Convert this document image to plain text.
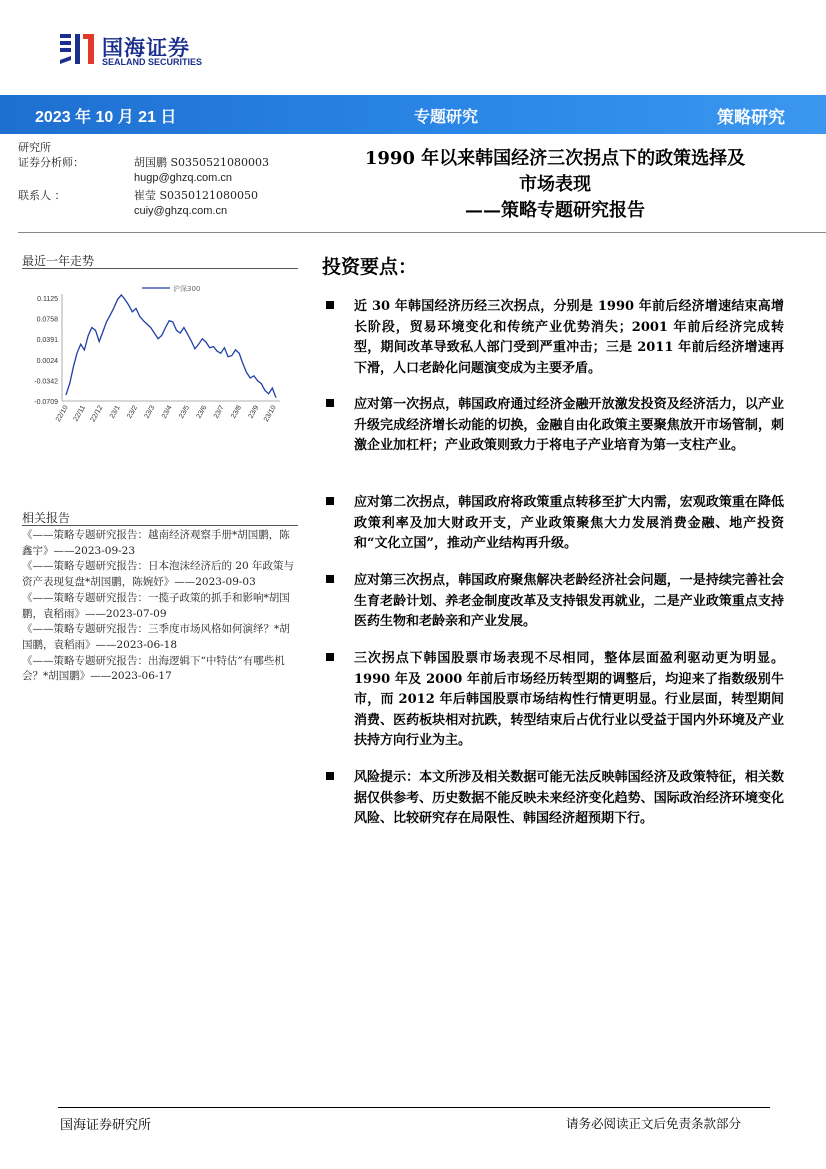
国海证券
SEALAND SECURITIES
2023 年 10 月 21 日	专题研究	策略研究
研究所
证券分析师：	胡国鹏 S0350521080003
hugp@ghzq.com.cn
联系人 ：	崔莹 S0350121080050
cuiy@ghzq.com.cn
1990 年以来韩国经济三次拐点下的政策选择及
市场表现
——策略专题研究报告
最近一年走势
0.1125
0.0758
0.0391
0.0024
-0.0342
-0.0709
22/10 22/11 22/12 23/1 23/2 23/3 23/4 23/5 23/6 23/7 23/8 23/9 23/10
沪深300
相关报告
《——策略专题研究报告：越南经济观察手册*胡国鹏，陈鑫宇》——2023-09-23
《——策略专题研究报告：日本泡沫经济后的 20 年政策与资产表现复盘*胡国鹏，陈婉妤》——2023-09-03
《——策略专题研究报告：一揽子政策的抓手和影响*胡国鹏，袁稻雨》——2023-07-09
《——策略专题研究报告：三季度市场风格如何演绎？*胡国鹏，袁稻雨》——2023-06-18
《——策略专题研究报告：出海逻辑下“中特估”有哪些机会？*胡国鹏》——2023-06-17
投资要点：
近 30 年韩国经济历经三次拐点，分别是 1990 年前后经济增速结束高增长阶段，贸易环境变化和传统产业优势消失；2001 年前后经济完成转型，期间改革导致私人部门受到严重冲击；三是 2011 年前后经济增速再下滑，人口老龄化问题演变成为主要矛盾。
应对第一次拐点，韩国政府通过经济金融开放激发投资及经济活力，以产业升级完成经济增长动能的切换，金融自由化政策主要聚焦放开市场管制，刺激企业加杠杆；产业政策则致力于将电子产业培育为第一支柱产业。
应对第二次拐点，韩国政府将政策重点转移至扩大内需，宏观政策重在降低政策利率及加大财政开支，产业政策聚焦大力发展消费金融、地产投资和“文化立国”，推动产业结构再升级。
应对第三次拐点，韩国政府聚焦解决老龄经济社会问题，一是持续完善社会生育老龄计划、养老金制度改革及支持银发再就业，二是产业政策重点支持医药生物和老龄亲和产业发展。
三次拐点下韩国股票市场表现不尽相同，整体层面盈利驱动更为明显。1990 年及 2000 年前后市场经历转型期的调整后，均迎来了指数级别牛市，而 2012 年后韩国股票市场结构性行情更明显。行业层面，转型期间消费、医药板块相对抗跌，转型结束后占优行业以受益于国内外环境及产业扶持方向行业为主。
风险提示：本文所涉及相关数据可能无法反映韩国经济及政策特征，相关数据仅供参考、历史数据不能反映未来经济变化趋势、国际政治经济环境变化风险、比较研究存在局限性、韩国经济超预期下行。
国海证券研究所	请务必阅读正文后免责条款部分
